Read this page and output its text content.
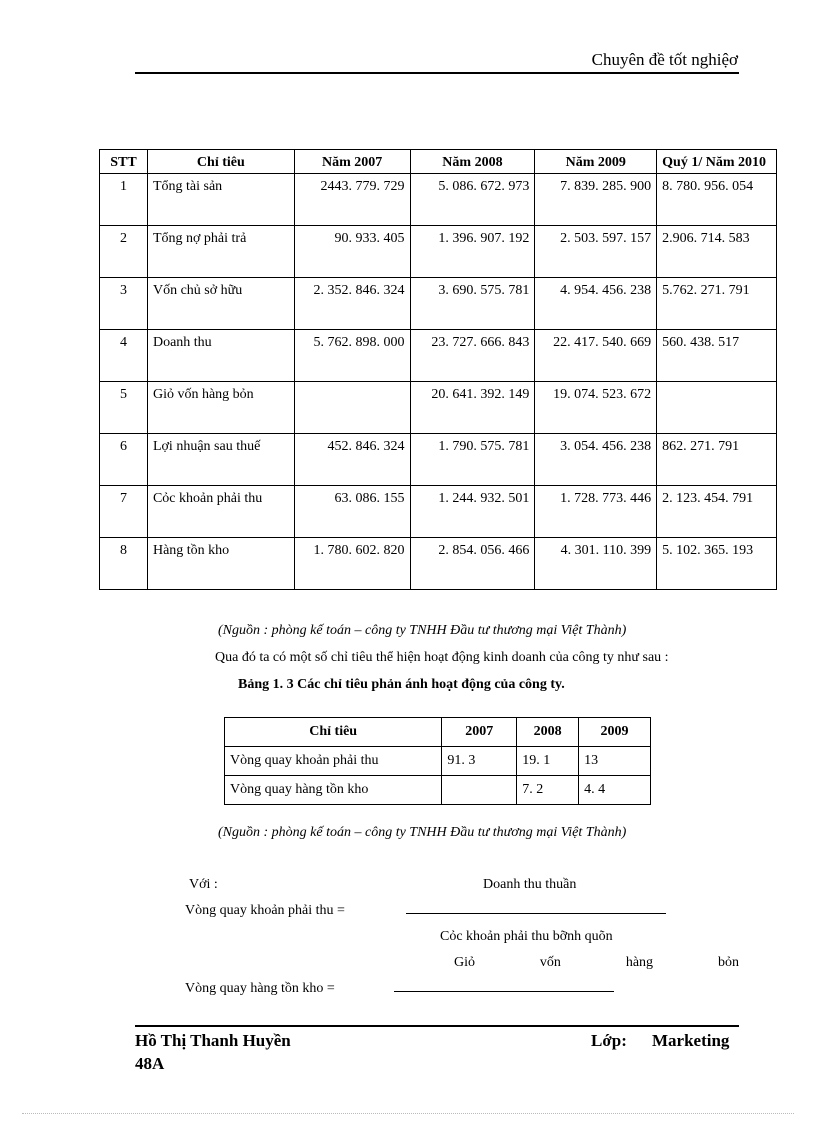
Chuyên đề tốt nghiệơ
STT	Chỉ tiêu	Năm 2007	Năm 2008	Năm 2009	Quý 1/ Năm 2010
1	Tổng tài sản	2443. 779. 729	5. 086. 672. 973	7. 839. 285. 900	8. 780. 956. 054
2	Tổng nợ phải trả	90. 933. 405	1. 396. 907. 192	2. 503. 597. 157	2.906. 714. 583
3	Vốn chủ sở hữu	2. 352. 846. 324	3. 690. 575. 781	4. 954. 456. 238	5.762. 271. 791
4	Doanh thu	5. 762. 898. 000	23. 727. 666. 843	22. 417. 540. 669	560. 438. 517
5	Giỏ vốn hàng bỏn		20. 641. 392. 149	19. 074. 523. 672	
6	Lợi nhuận sau thuế	452. 846. 324	1. 790. 575. 781	3. 054. 456. 238	862. 271. 791
7	Cỏc khoản phải thu	63. 086. 155	1. 244. 932. 501	1. 728. 773. 446	2. 123. 454. 791
8	Hàng tồn kho	1. 780. 602. 820	2. 854. 056. 466	4. 301. 110. 399	5. 102. 365. 193
(Nguồn : phòng kế toán – công ty TNHH Đầu tư thương mại Việt Thành)
Qua đó ta có một số chỉ tiêu thể hiện hoạt động kinh doanh của công ty như sau :
Bảng 1. 3 Các chỉ tiêu phản ánh hoạt động của công ty.
Chỉ tiêu	2007	2008	2009
Vòng quay khoản phải thu	91. 3	19. 1	13
Vòng quay hàng tồn kho		7. 2	4. 4
(Nguồn : phòng kế toán – công ty TNHH Đầu tư thương mại Việt Thành)
Với :	Doanh thu thuần
Vòng quay khoản phải thu =
Cỏc khoản phải thu bỡnh quõn
Giỏ	vốn	hàng	bỏn
Vòng quay hàng tồn kho =
Hồ Thị Thanh Huyền	Lớp: Marketing
48A
